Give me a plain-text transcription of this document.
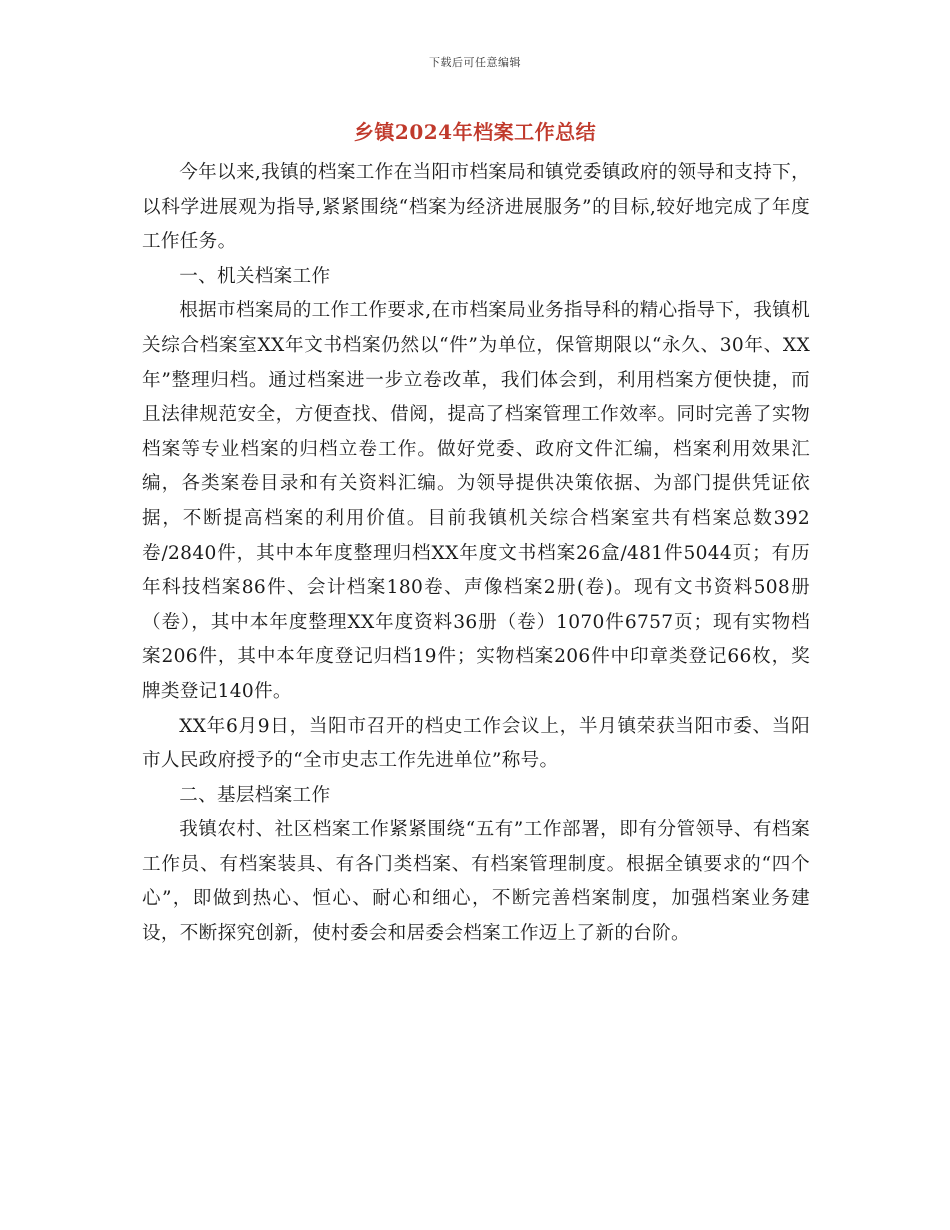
下载后可任意编辑
乡镇2024年档案工作总结

今年以来,我镇的档案工作在当阳市档案局和镇党委镇政府的领导和支持下，以科学进展观为指导,紧紧围绕“档案为经济进展服务”的目标,较好地完成了年度工作任务。

一、机关档案工作

根据市档案局的工作工作要求,在市档案局业务指导科的精心指导下，我镇机关综合档案室XX年文书档案仍然以“件”为单位，保管期限以“永久、30年、XX年”整理归档。通过档案进一步立卷改革，我们体会到，利用档案方便快捷，而且法律规范安全，方便查找、借阅，提高了档案管理工作效率。同时完善了实物档案等专业档案的归档立卷工作。做好党委、政府文件汇编，档案利用效果汇编，各类案卷目录和有关资料汇编。为领导提供决策依据、为部门提供凭证依据，不断提高档案的利用价值。目前我镇机关综合档案室共有档案总数392卷/2840件，其中本年度整理归档XX年度文书档案26盒/481件5044页；有历年科技档案86件、会计档案180卷、声像档案2册(卷)。现有文书资料508册（卷），其中本年度整理XX年度资料36册（卷）1070件6757页；现有实物档案206件，其中本年度登记归档19件；实物档案206件中印章类登记66枚，奖牌类登记140件。

XX年6月9日，当阳市召开的档史工作会议上，半月镇荣获当阳市委、当阳市人民政府授予的“全市史志工作先进单位”称号。

二、基层档案工作

我镇农村、社区档案工作紧紧围绕“五有”工作部署，即有分管领导、有档案工作员、有档案装具、有各门类档案、有档案管理制度。根据全镇要求的“四个心”，即做到热心、恒心、耐心和细心，不断完善档案制度，加强档案业务建设，不断探究创新，使村委会和居委会档案工作迈上了新的台阶。
